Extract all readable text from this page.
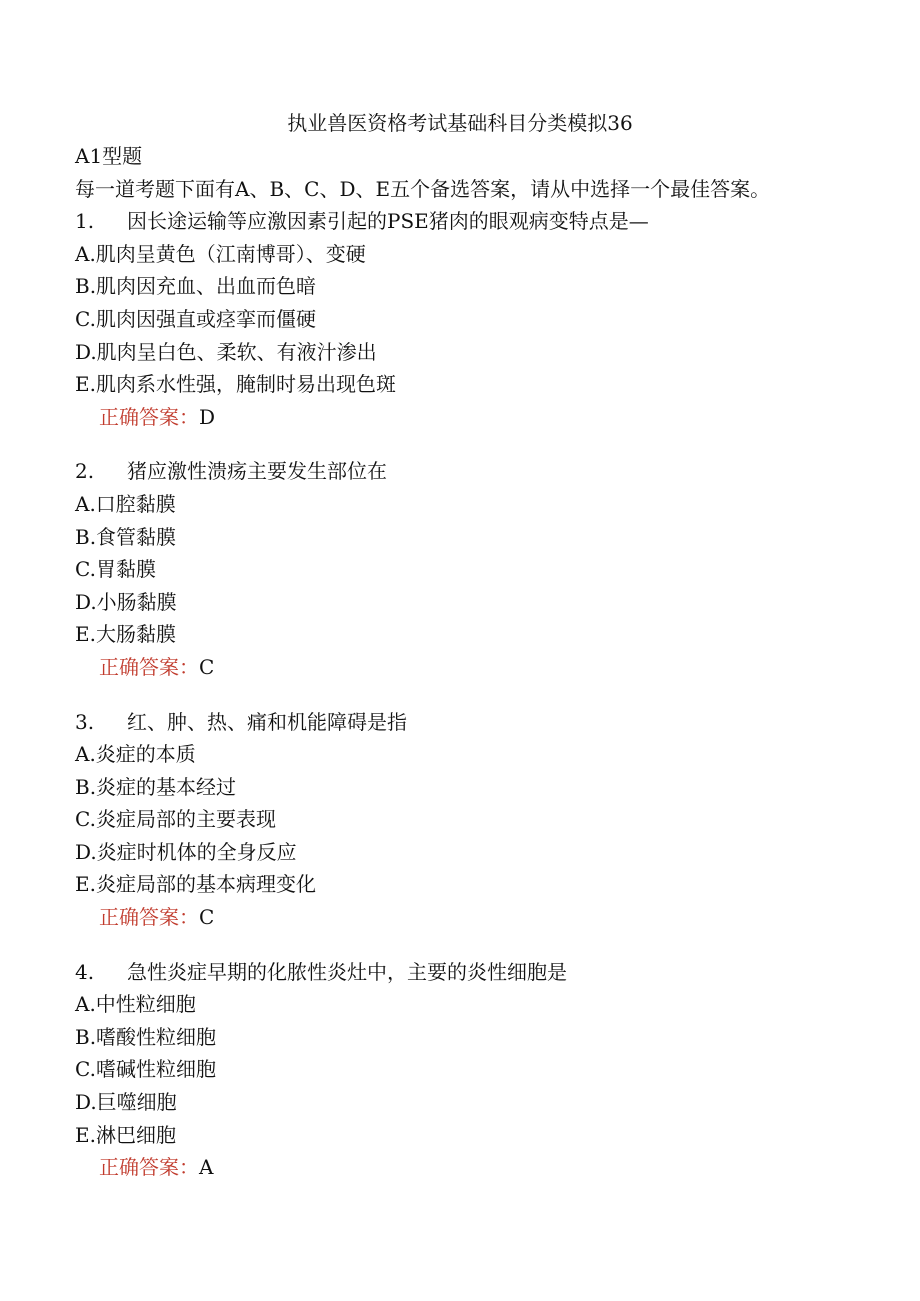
执业兽医资格考试基础科目分类模拟36
A1型题
每一道考题下面有A、B、C、D、E五个备选答案，请从中选择一个最佳答案。
1.	因长途运输等应激因素引起的PSE猪肉的眼观病变特点是—
A.肌肉呈黄色（江南博哥）、变硬
B.肌肉因充血、出血而色暗
C.肌肉因强直或痉挛而僵硬
D.肌肉呈白色、柔软、有液汁渗出
E.肌肉系水性强，腌制时易出现色斑
正确答案：D
2.	猪应激性溃疡主要发生部位在
A.口腔黏膜
B.食管黏膜
C.胃黏膜
D.小肠黏膜
E.大肠黏膜
正确答案：C
3.	红、肿、热、痛和机能障碍是指
A.炎症的本质
B.炎症的基本经过
C.炎症局部的主要表现
D.炎症时机体的全身反应
E.炎症局部的基本病理变化
正确答案：C
4.	急性炎症早期的化脓性炎灶中，主要的炎性细胞是
A.中性粒细胞
B.嗜酸性粒细胞
C.嗜碱性粒细胞
D.巨噬细胞
E.淋巴细胞
正确答案：A
